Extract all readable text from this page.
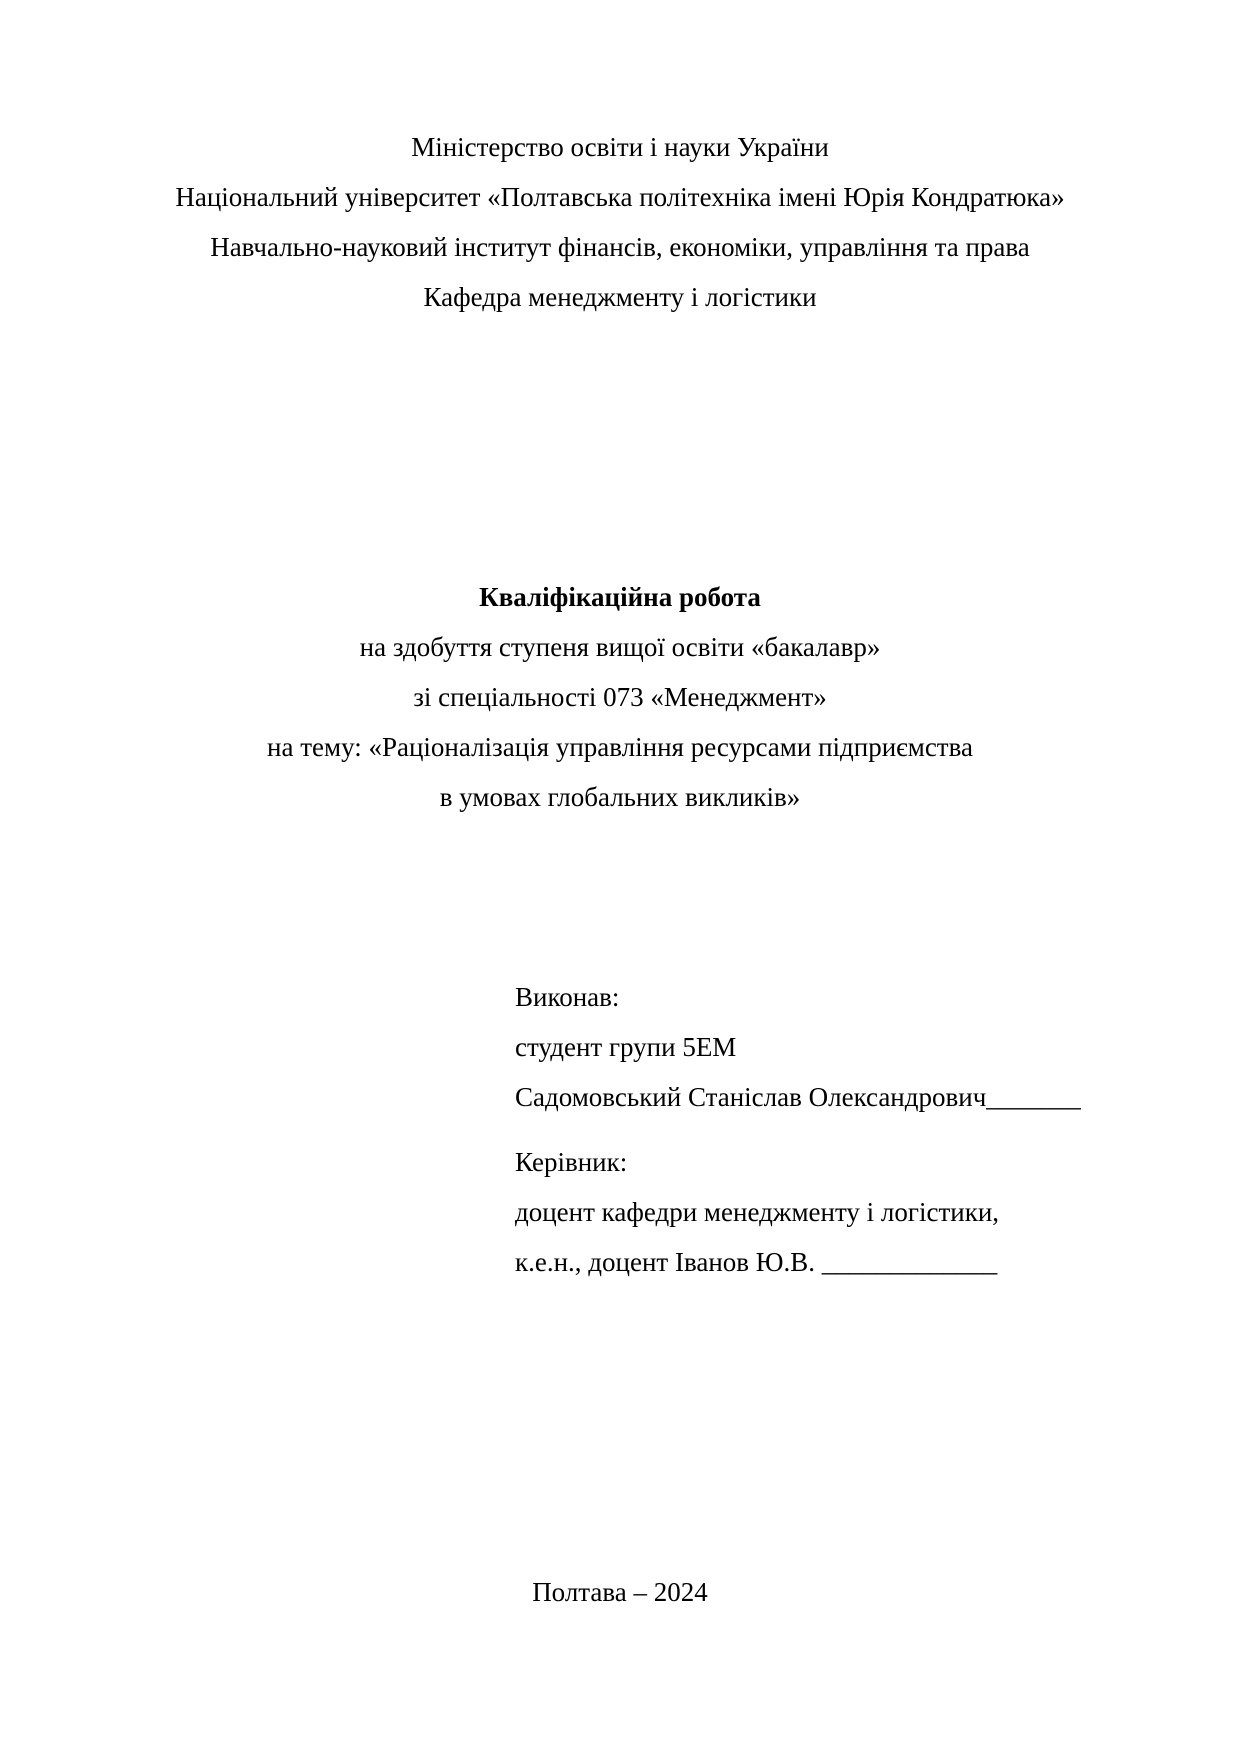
Міністерство освіти і науки України
Національний університет «Полтавська політехніка імені Юрія Кондратюка»
Навчально-науковий інститут фінансів, економіки, управління та права
Кафедра менеджменту і логістики
Кваліфікаційна робота
на здобуття ступеня вищої освіти «бакалавр»
зі спеціальності 073 «Менеджмент»
на тему: «Раціоналізація управління ресурсами підприємства
в умовах глобальних викликів»
Виконав:
студент групи 5ЕМ
Садомовський Станіслав Олександрович_______
Керівник:
доцент кафедри менеджменту і логістики,
к.е.н., доцент Іванов Ю.В. _____________
Полтава – 2024
